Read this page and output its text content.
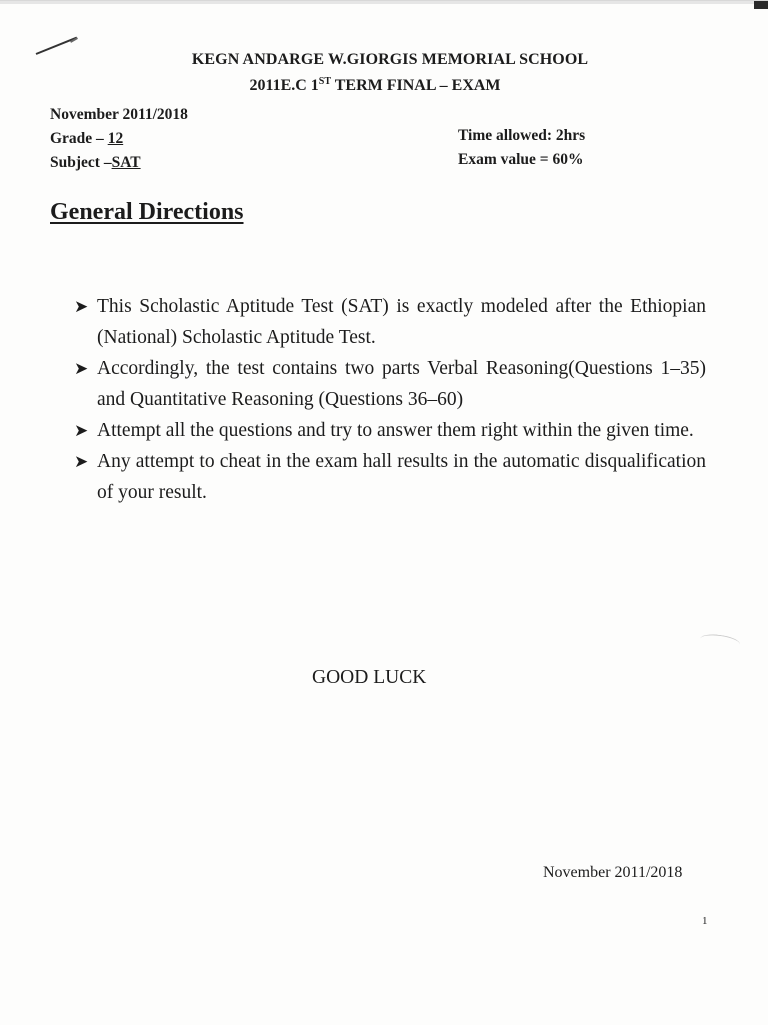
KEGN ANDARGE W.GIORGIS MEMORIAL SCHOOL
2011E.C 1ST TERM FINAL – EXAM
November 2011/2018
Grade – 12
Subject –SAT
Time allowed: 2hrs
Exam value = 60%
General Directions
➤ This Scholastic Aptitude Test (SAT) is exactly modeled after the Ethiopian (National) Scholastic Aptitude Test.
➤ Accordingly, the test contains two parts Verbal Reasoning(Questions 1–35) and Quantitative Reasoning (Questions 36–60)
➤ Attempt all the questions and try to answer them right within the given time.
➤ Any attempt to cheat in the exam hall results in the automatic disqualification of your result.
GOOD LUCK
November 2011/2018
1
